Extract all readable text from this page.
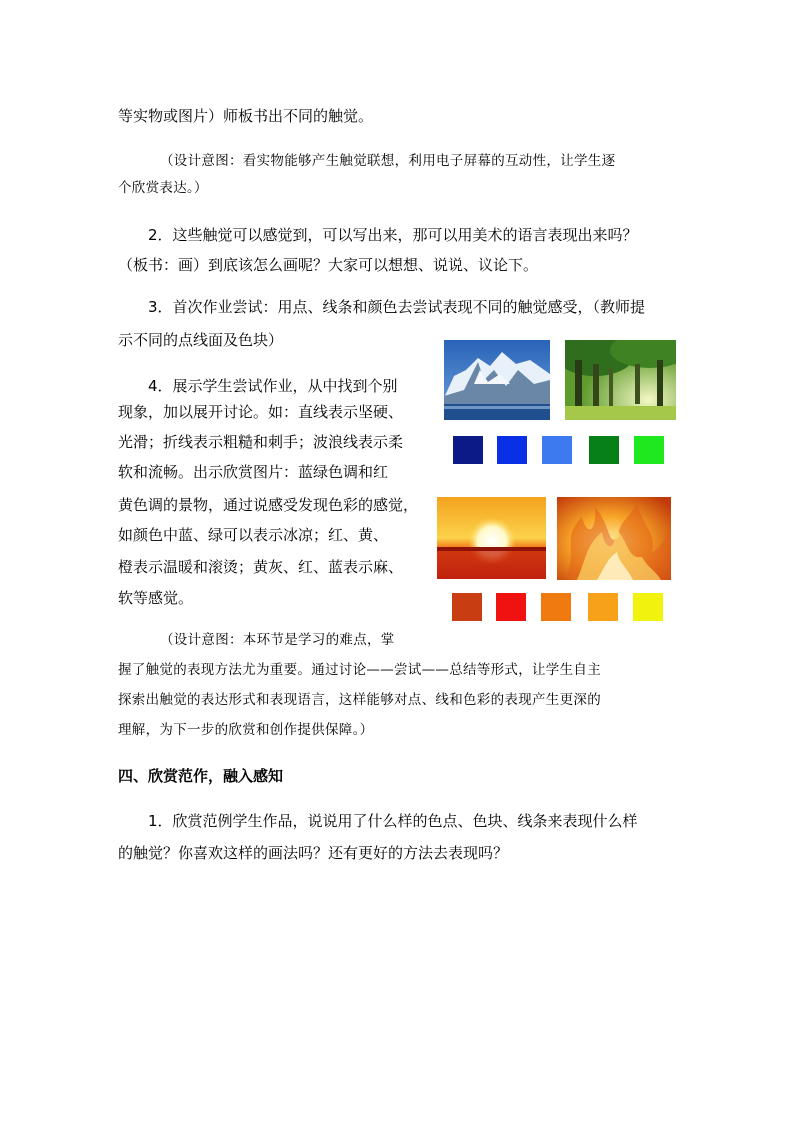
等实物或图片）师板书出不同的触觉。
（设计意图：看实物能够产生触觉联想，利用电子屏幕的互动性，让学生逐
个欣赏表达。）
2．这些触觉可以感觉到，可以写出来，那可以用美术的语言表现出来吗？
（板书：画）到底该怎么画呢？大家可以想想、说说、议论下。
3．首次作业尝试：用点、线条和颜色去尝试表现不同的触觉感受，（教师提
示不同的点线面及色块）
4．展示学生尝试作业，从中找到个别
现象，加以展开讨论。如：直线表示坚硬、
光滑；折线表示粗糙和刺手；波浪线表示柔
软和流畅。出示欣赏图片：蓝绿色调和红
黄色调的景物，通过说感受发现色彩的感觉，
如颜色中蓝、绿可以表示冰凉；红、黄、
橙表示温暖和滚烫；黄灰、红、蓝表示麻、
软等感觉。
（设计意图：本环节是学习的难点，掌
握了触觉的表现方法尤为重要。通过讨论——尝试——总结等形式，让学生自主
探索出触觉的表达形式和表现语言，这样能够对点、线和色彩的表现产生更深的
理解，为下一步的欣赏和创作提供保障。）
四、欣赏范作，融入感知
1．欣赏范例学生作品，说说用了什么样的色点、色块、线条来表现什么样
的触觉？你喜欢这样的画法吗？还有更好的方法去表现吗？
